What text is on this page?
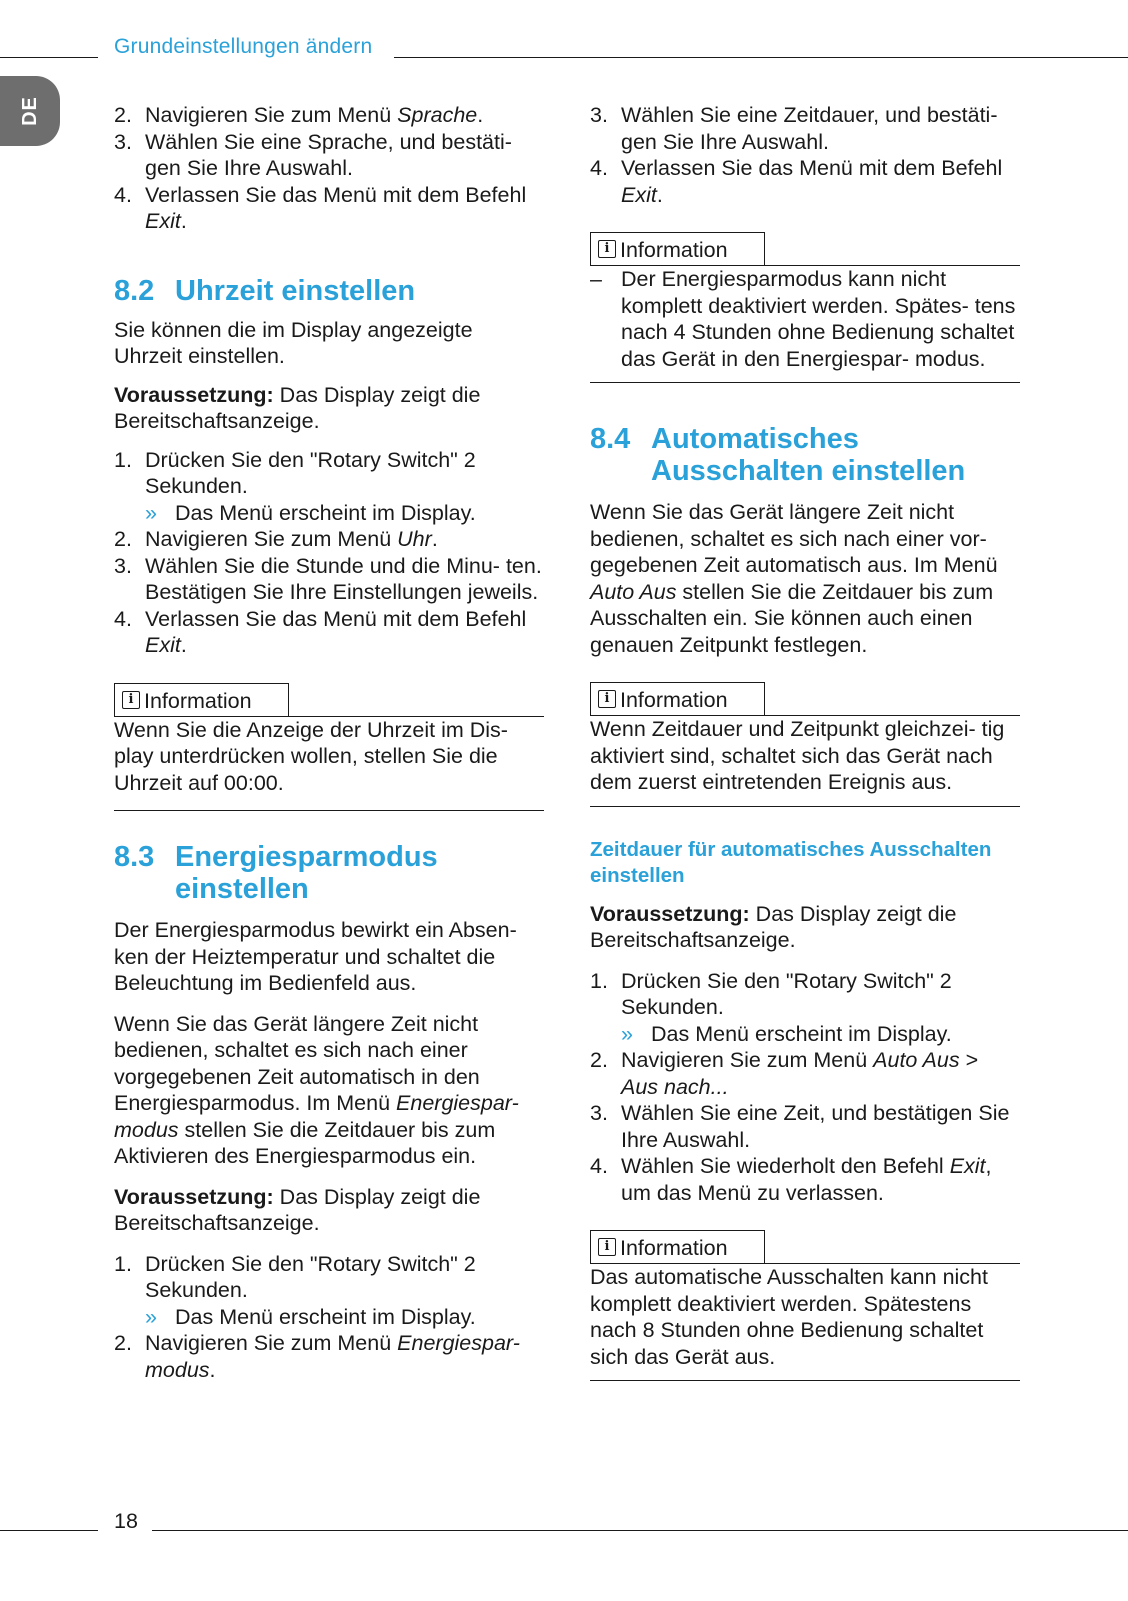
Grundeinstellungen ändern
DE	2. Navigieren Sie zum Menü Sprache.
3. Wählen Sie eine Sprache, und bestäti- gen Sie Ihre Auswahl.
4. Verlassen Sie das Menü mit dem Befehl Exit.
8.2 Uhrzeit einstellen

Sie können die im Display angezeigte Uhrzeit einstellen.

Voraussetzung: Das Display zeigt die Bereitschaftsanzeige.

1. Drücken Sie den "Rotary Switch" 2 Sekunden.
» Das Menü erscheint im Display.
2. Navigieren Sie zum Menü Uhr.
3. Wählen Sie die Stunde und die Minu- ten. Bestätigen Sie Ihre Einstellungen jeweils.
4. Verlassen Sie das Menü mit dem Befehl Exit.
i Information

Wenn Sie die Anzeige der Uhrzeit im Dis- play unterdrücken wollen, stellen Sie die Uhrzeit auf 00:00.

8.3 Energiesparmodus einstellen

Der Energiesparmodus bewirkt ein Absen- ken der Heiztemperatur und schaltet die Beleuchtung im Bedienfeld aus.

Wenn Sie das Gerät längere Zeit nicht bedienen, schaltet es sich nach einer vorgegebenen Zeit automatisch in den Energiesparmodus. Im Menü Energiespar- modus stellen Sie die Zeitdauer bis zum Aktivieren des Energiesparmodus ein.

Voraussetzung: Das Display zeigt die Bereitschaftsanzeige.

1. Drücken Sie den "Rotary Switch" 2 Sekunden.
» Das Menü erscheint im Display.
2. Navigieren Sie zum Menü Energiespar- modus.
3. Wählen Sie eine Zeitdauer, und bestäti- gen Sie Ihre Auswahl.
4. Verlassen Sie das Menü mit dem Befehl Exit.
i Information
– Der Energiesparmodus kann nicht komplett deaktiviert werden. Spätes- tens nach 4 Stunden ohne Bedienung schaltet das Gerät in den Energiespar- modus.
8.4 Automatisches Ausschalten einstellen

Wenn Sie das Gerät längere Zeit nicht bedienen, schaltet es sich nach einer vor- gegebenen Zeit automatisch aus. Im Menü Auto Aus stellen Sie die Zeitdauer bis zum Ausschalten ein. Sie können auch einen genauen Zeitpunkt festlegen.

i Information

Wenn Zeitdauer und Zeitpunkt gleichzei- tig aktiviert sind, schaltet sich das Gerät nach dem zuerst eintretenden Ereignis aus.

Zeitdauer für automatisches Ausschalten einstellen

Voraussetzung: Das Display zeigt die Bereitschaftsanzeige.

1. Drücken Sie den "Rotary Switch" 2 Sekunden.
» Das Menü erscheint im Display.
2. Navigieren Sie zum Menü Auto Aus > Aus nach...
3. Wählen Sie eine Zeit, und bestätigen Sie Ihre Auswahl.
4. Wählen Sie wiederholt den Befehl Exit, um das Menü zu verlassen.
i Information

Das automatische Ausschalten kann nicht komplett deaktiviert werden. Spätestens nach 8 Stunden ohne Bedienung schaltet sich das Gerät aus.

18
